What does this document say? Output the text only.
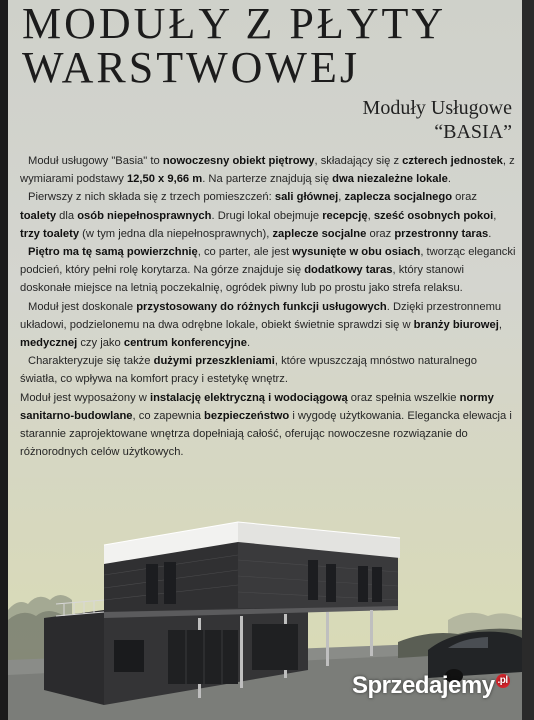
MODUŁY Z PŁYTY
WARSTWOWEJ
Moduły Usługowe
“BASIA”

Moduł usługowy "Basia" to nowoczesny obiekt piętrowy, składający się z czterech jednostek, z wymiarami podstawy 12,50 x 9,66 m. Na parterze znajdują się dwa niezależne lokale.

Pierwszy z nich składa się z trzech pomieszczeń: sali głównej, zaplecza socjalnego oraz toalety dla osób niepełnosprawnych. Drugi lokal obejmuje recepcję, sześć osobnych pokoi, trzy toalety (w tym jedna dla niepełnosprawnych), zaplecze socjalne oraz przestronny taras.

Piętro ma tę samą powierzchnię, co parter, ale jest wysunięte w obu osiach, tworząc elegancki podcień, który pełni rolę korytarza. Na górze znajduje się dodatkowy taras, który stanowi doskonałe miejsce na letnią poczekalnię, ogródek piwny lub po prostu jako strefa relaksu.

Moduł jest doskonale przystosowany do różnych funkcji usługowych. Dzięki przestronnemu układowi, podzielonemu na dwa odrębne lokale, obiekt świetnie sprawdzi się w branży biurowej, medycznej czy jako centrum konferencyjne.

Charakteryzuje się także dużymi przeszkleniami, które wpuszczają mnóstwo naturalnego światła, co wpływa na komfort pracy i estetykę wnętrz.

Moduł jest wyposażony w instalację elektryczną i wodociągową oraz spełnia wszelkie normy sanitarno-budowlane, co zapewnia bezpieczeństwo i wygodę użytkowania. Elegancka elewacja i starannie zaprojektowane wnętrza dopełniają całość, oferując nowoczesne rozwiązanie do różnorodnych celów użytkowych.

Sprzedajemy .pl
